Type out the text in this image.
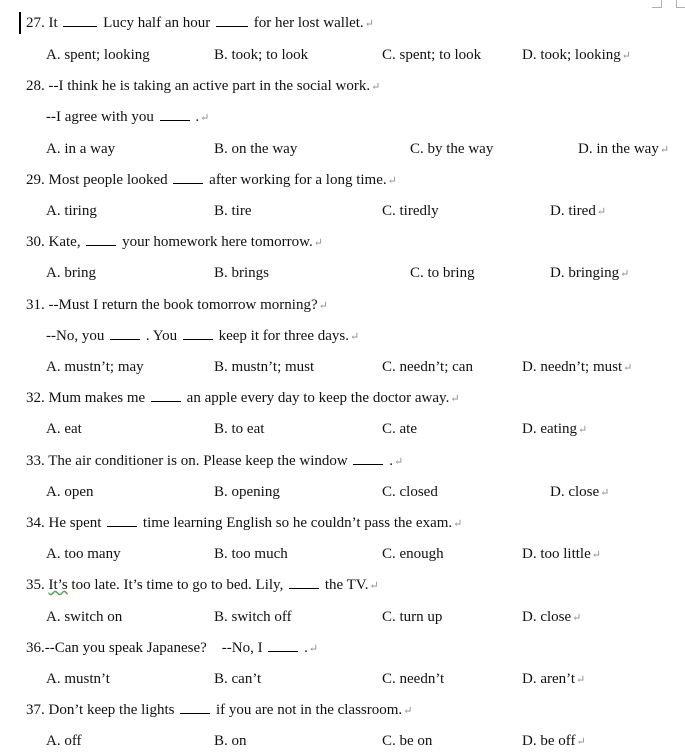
27. It	Lucy half an hour  for her lost wallet.↵
A. spent; looking	B. took; to look	C. spent; to look	D. took; looking↵
28. --I think he is taking an active part in the social work.↵
--I agree with you  .↵
A. in a way	B. on the way	C. by the way	D. in the way↵
29. Most people looked  after working for a long time.↵
A. tiring	B. tire	C. tiredly	D. tired↵
30. Kate,  your homework here tomorrow.↵
A. bring	B. brings	C. to bring	D. bringing↵
31. --Must I return the book tomorrow morning?↵
--No, you  . You  keep it for three days.↵
A. mustn’t; may	B. mustn’t; must	C. needn’t; can	D. needn’t; must↵
32. Mum makes me  an apple every day to keep the doctor away.↵
A. eat	B. to eat	C. ate	D. eating↵
33. The air conditioner is on. Please keep the window  .↵
A. open	B. opening	C. closed	D. close↵
34. He spent  time learning English so he couldn’t pass the exam.↵
A. too many	B. too much	C. enough	D. too little↵
35. It’s too late. It’s time to go to bed. Lily,  the TV.↵
A. switch on	B. switch off	C. turn up	D. close↵
36.--Can you speak Japanese?    --No, I  .↵
A. mustn’t	B. can’t	C. needn’t	D. aren’t↵
37. Don’t keep the lights  if you are not in the classroom.↵
A. off	B. on	C. be on	D. be off↵
